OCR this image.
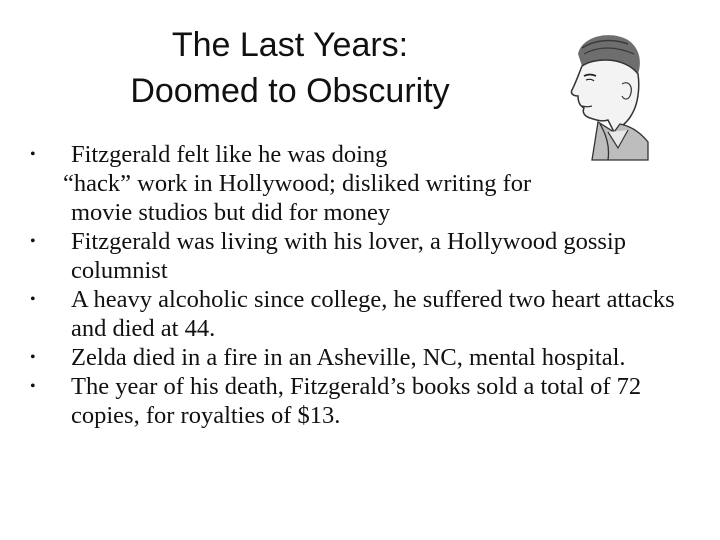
The Last Years:
Doomed to Obscurity
•	Fitzgerald felt like he was doing
“hack” work in Hollywood; disliked writing for
movie studios but did for money
•	Fitzgerald was living with his lover, a Hollywood gossip columnist
•	A heavy alcoholic since college, he suffered two heart attacks and died at 44.
•	Zelda died in a fire in an Asheville, NC, mental hospital.
•	The year of his death, Fitzgerald’s books sold a total of 72 copies, for royalties of $13.
